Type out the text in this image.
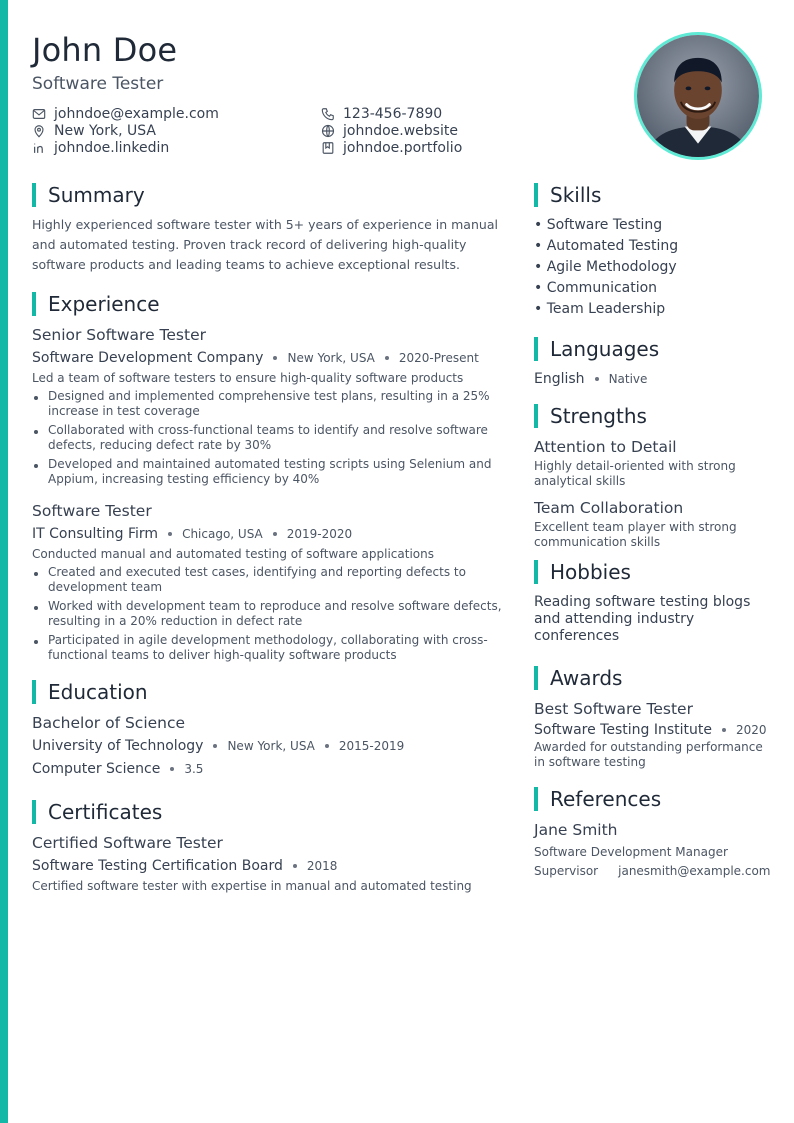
John Doe
Software Tester
johndoe@example.com	123-456-7890
New York, USA	johndoe.website
johndoe.linkedin	johndoe.portfolio
Summary
Highly experienced software tester with 5+ years of experience in manual and automated testing. Proven track record of delivering high-quality software products and leading teams to achieve exceptional results.
Experience
Senior Software Tester
Software Development Company New York, USA 2020-Present
Led a team of software testers to ensure high-quality software products
Designed and implemented comprehensive test plans, resulting in a 25% increase in test coverage
Collaborated with cross-functional teams to identify and resolve software defects, reducing defect rate by 30%
Developed and maintained automated testing scripts using Selenium and Appium, increasing testing efficiency by 40%
Software Tester
IT Consulting Firm Chicago, USA 2019-2020
Conducted manual and automated testing of software applications
Created and executed test cases, identifying and reporting defects to development team
Worked with development team to reproduce and resolve software defects, resulting in a 20% reduction in defect rate
Participated in agile development methodology, collaborating with cross-functional teams to deliver high-quality software products
Education
Bachelor of Science
University of Technology New York, USA 2015-2019
Computer Science 3.5
Certificates
Certified Software Tester
Software Testing Certification Board 2018
Certified software tester with expertise in manual and automated testing
Skills
• Software Testing
• Automated Testing
• Agile Methodology
• Communication
• Team Leadership
Languages
English Native
Strengths
Attention to Detail
Highly detail-oriented with strong analytical skills
Team Collaboration
Excellent team player with strong communication skills
Hobbies
Reading software testing blogs and attending industry conferences
Awards
Best Software Tester
Software Testing Institute 2020
Awarded for outstanding performance in software testing
References
Jane Smith
Software Development Manager
Supervisor janesmith@example.com
